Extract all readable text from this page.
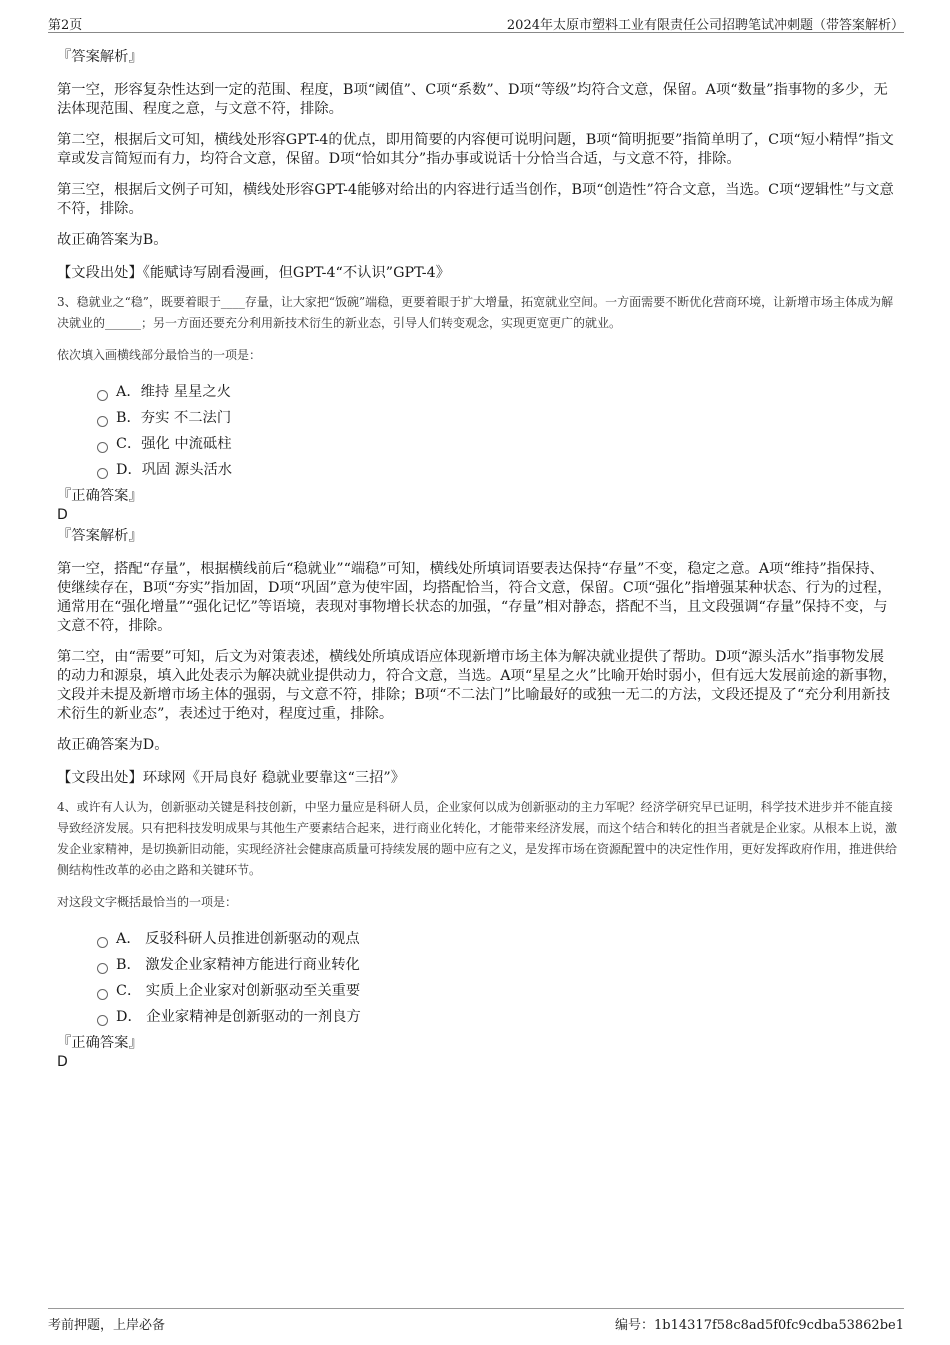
第2页	2024年太原市塑料工业有限责任公司招聘笔试冲刺题（带答案解析）

『答案解析』

第一空，形容复杂性达到一定的范围、程度，B项“阈值”、C项“系数”、D项“等级”均符合文意，保留。A项“数量”指事物的多少，无法体现范围、程度之意，与文意不符，排除。

第二空，根据后文可知，横线处形容GPT-4的优点，即用简要的内容便可说明问题，B项“简明扼要”指简单明了，C项“短小精悍”指文章或发言简短而有力，均符合文意，保留。D项“恰如其分”指办事或说话十分恰当合适，与文意不符，排除。

第三空，根据后文例子可知，横线处形容GPT-4能够对给出的内容进行适当创作，B项“创造性”符合文意，当选。C项“逻辑性”与文意不符，排除。

故正确答案为B。

【文段出处】《能赋诗写剧看漫画，但GPT-4“不认识”GPT-4》

3、稳就业之“稳”，既要着眼于____存量，让大家把“饭碗”端稳，更要着眼于扩大增量，拓宽就业空间。一方面需要不断优化营商环境，让新增市场主体成为解决就业的______；另一方面还要充分利用新技术衍生的新业态，引导人们转变观念，实现更宽更广的就业。

依次填入画横线部分最恰当的一项是：

A．维持 星星之火
B．夯实 不二法门
C．强化 中流砥柱
D．巩固 源头活水

『正确答案』

D

『答案解析』

第一空，搭配“存量”，根据横线前后“稳就业”“端稳”可知，横线处所填词语要表达保持“存量”不变，稳定之意。A项“维持”指保持、使继续存在，B项“夯实”指加固，D项“巩固”意为使牢固，均搭配恰当，符合文意，保留。C项“强化”指增强某种状态、行为的过程，通常用在“强化增量”“强化记忆”等语境，表现对事物增长状态的加强，“存量”相对静态，搭配不当，且文段强调“存量”保持不变，与文意不符，排除。

第二空，由“需要”可知，后文为对策表述，横线处所填成语应体现新增市场主体为解决就业提供了帮助。D项“源头活水”指事物发展的动力和源泉，填入此处表示为解决就业提供动力，符合文意，当选。A项“星星之火”比喻开始时弱小，但有远大发展前途的新事物，文段并未提及新增市场主体的强弱，与文意不符，排除；B项“不二法门”比喻最好的或独一无二的方法，文段还提及了“充分利用新技术衍生的新业态”，表述过于绝对，程度过重，排除。

故正确答案为D。

【文段出处】环球网《开局良好 稳就业要靠这“三招”》

4、或许有人认为，创新驱动关键是科技创新，中坚力量应是科研人员，企业家何以成为创新驱动的主力军呢？经济学研究早已证明，科学技术进步并不能直接导致经济发展。只有把科技发明成果与其他生产要素结合起来，进行商业化转化，才能带来经济发展，而这个结合和转化的担当者就是企业家。从根本上说，激发企业家精神，是切换新旧动能，实现经济社会健康高质量可持续发展的题中应有之义，是发挥市场在资源配置中的决定性作用，更好发挥政府作用，推进供给侧结构性改革的必由之路和关键环节。

对这段文字概括最恰当的一项是：

A． 反驳科研人员推进创新驱动的观点
B． 激发企业家精神方能进行商业转化
C． 实质上企业家对创新驱动至关重要
D． 企业家精神是创新驱动的一剂良方

『正确答案』

D

考前押题，上岸必备	编号：1b14317f58c8ad5f0fc9cdba53862be1
